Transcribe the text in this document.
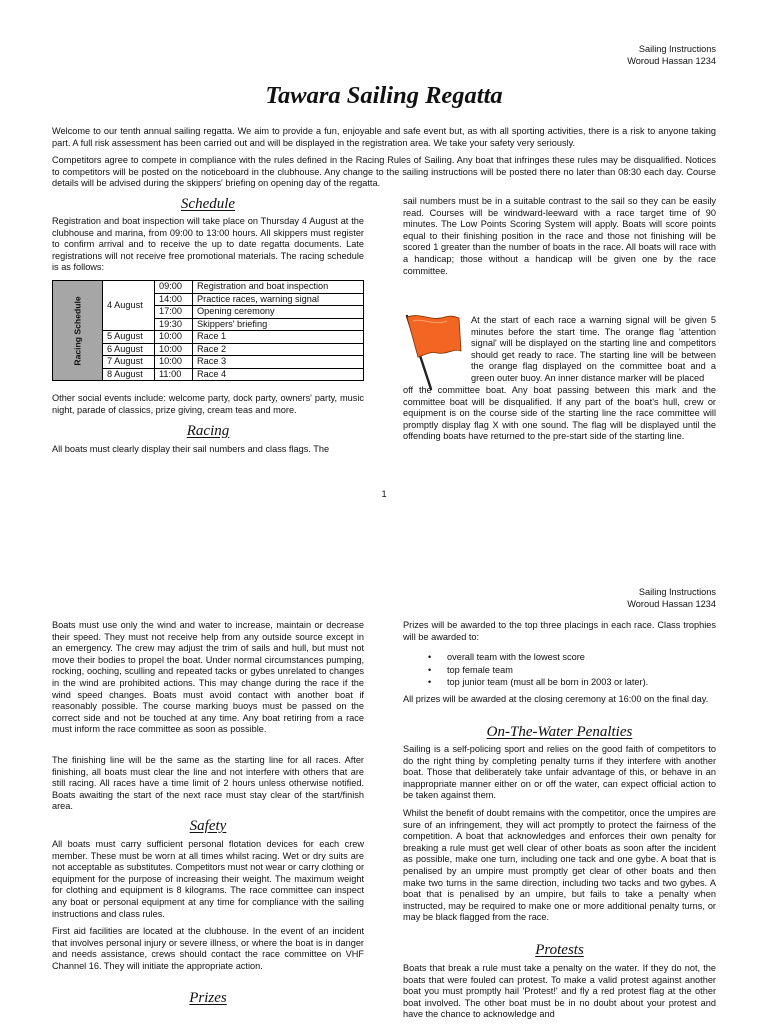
Sailing Instructions
Woroud Hassan 1234
Tawara Sailing Regatta

Welcome to our tenth annual sailing regatta. We aim to provide a fun, enjoyable and safe event but, as with all sporting activities, there is a risk to anyone taking part. A full risk assessment has been carried out and will be displayed in the registration area. We take your safety very seriously.

Competitors agree to compete in compliance with the rules defined in the Racing Rules of Sailing. Any boat that infringes these rules may be disqualified. Notices to competitors will be posted on the noticeboard in the clubhouse. Any change to the sailing instructions will be posted there no later than 08:30 each day. Course details will be advised during the skippers' briefing on opening day of the regatta.

Schedule

Registration and boat inspection will take place on Thursday 4 August at the clubhouse and marina, from 09:00 to 13:00 hours. All skippers must register to confirm arrival and to receive the up to date regatta documents. Late registrations will not receive free promotional materials. The racing schedule is as follows:

Racing Schedule	4 August	09:00	Registration and boat inspection
		14:00	Practice races, warning signal
		17:00	Opening ceremony
		19:30	Skippers' briefing
	5 August	10:00	Race 1
	6 August	10:00	Race 2
	7 August	10:00	Race 3
	8 August	11:00	Race 4

Other social events include: welcome party, dock party, owners' party, music night, parade of classics, prize giving, cream teas and more.

Racing

All boats must clearly display their sail numbers and class flags. The

sail numbers must be in a suitable contrast to the sail so they can be easily read. Courses will be windward-leeward with a race target time of 90 minutes. The Low Points Scoring System will apply. Boats will score points equal to their finishing position in the race and those not finishing will be scored 1 greater than the number of boats in the race. All boats will race with a handicap; those without a handicap will be given one by the race committee.

At the start of each race a warning signal will be given 5 minutes before the start time. The orange flag 'attention signal' will be displayed on the starting line and competitors should get ready to race. The starting line will be between the orange flag displayed on the committee boat and a green outer buoy. An inner distance marker will be placed

1

off the committee boat. Any boat passing between this mark and the committee boat will be disqualified. If any part of the boat's hull, crew or equipment is on the course side of the starting line the race committee will promptly display flag X with one sound. The flag will be displayed until the offending boats have returned to the pre-start side of the starting line.

Sailing Instructions
Woroud Hassan 1234

Boats must use only the wind and water to increase, maintain or decrease their speed. They must not receive help from any outside source except in an emergency. The crew may adjust the trim of sails and hull, but must not move their bodies to propel the boat. Under normal circumstances pumping, rocking, ooching, sculling and repeated tacks or gybes unrelated to changes in the wind are prohibited actions. This may change during the race if the wind speed changes. Boats must avoid contact with another boat if reasonably possible. The course marking buoys must be passed on the correct side and not be touched at any time. Any boat retiring from a race must inform the race committee as soon as possible.

The finishing line will be the same as the starting line for all races. After finishing, all boats must clear the line and not interfere with others that are still racing. All races have a time limit of 2 hours unless otherwise notified. Boats awaiting the start of the next race must stay clear of the start/finish area.

Safety

All boats must carry sufficient personal flotation devices for each crew member. These must be worn at all times whilst racing. Wet or dry suits are not acceptable as substitutes. Competitors must not wear or carry clothing or equipment for the purpose of increasing their weight. The maximum weight for clothing and equipment is 8 kilograms. The race committee can inspect any boat or personal equipment at any time for compliance with the sailing instructions and class rules.

First aid facilities are located at the clubhouse. In the event of an incident that involves personal injury or severe illness, or where the boat is in danger and needs assistance, crews should contact the race committee on VHF Channel 16. They will initiate the appropriate action.

Prizes

Prizes will be awarded to the top three placings in each race. Class trophies will be awarded to:

• overall team with the lowest score
• top female team
• top junior team (must all be born in 2003 or later).

All prizes will be awarded at the closing ceremony at 16:00 on the final day.

On-The-Water Penalties

Sailing is a self-policing sport and relies on the good faith of competitors to do the right thing by completing penalty turns if they interfere with another boat. Those that deliberately take unfair advantage of this, or behave in an inappropriate manner either on or off the water, can expect official action to be taken against them.

Whilst the benefit of doubt remains with the competitor, once the umpires are sure of an infringement, they will act promptly to protect the fairness of the competition. A boat that acknowledges and enforces their own penalty for breaking a rule must get well clear of other boats as soon after the incident as possible, make one turn, including one tack and one gybe. A boat that is penalised by an umpire must promptly get clear of other boats and then make two turns in the same direction, including two tacks and two gybes. A boat that is penalised by an umpire, but fails to take a penalty when instructed, may be required to make one or more additional penalty turns, or may be black flagged from the race.

Protests

Boats that break a rule must take a penalty on the water. If they do not, the boats that were fouled can protest. To make a valid protest against another boat you must promptly hail 'Protest!' and fly a red protest flag at the other boat involved. The other boat must be in no doubt about your protest and have the chance to acknowledge and
